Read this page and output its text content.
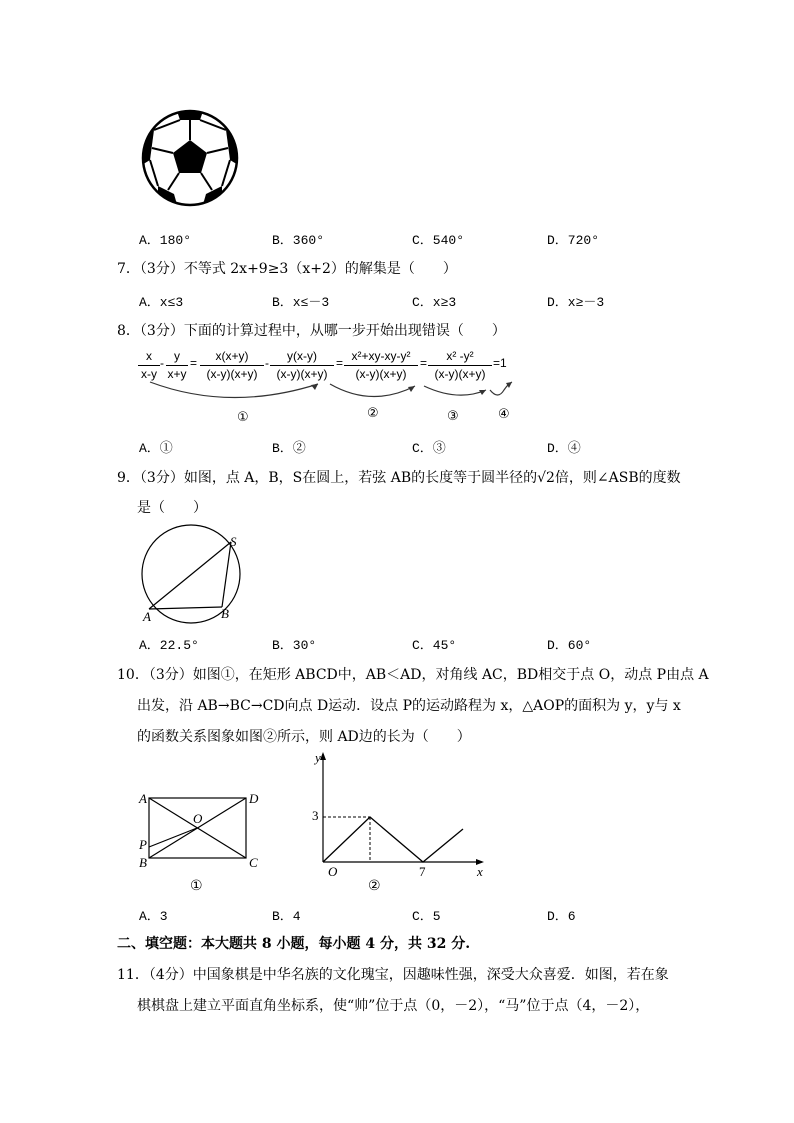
A．180°	B．360°	C．540°	D．720°
7．（3分）不等式 2x+9≥3（x+2）的解集是（　　）
A．x≤3	B．x≤－3	C．x≥3	D．x≥－3
8．（3分）下面的计算过程中，从哪一步开始出现错误（　　）
x
x-y
- y
x+y
=	x(x+y)
(x-y)(x+y)
-	y(x-y)
(x-y)(x+y)
= x²+xy-xy-y²
(x-y)(x+y)
=	x² -y²
(x-y)(x+y)
=1
①	②	③	④
A．①	B．②	C．③	D．④
9．（3分）如图，点 A，B，S在圆上，若弦 AB的长度等于圆半径的√2倍，则∠ASB的度数
是（　　）
S
A	B
A．22.5°	B．30°	C．45°	D．60°
10．（3分）如图①，在矩形 ABCD中，AB＜AD，对角线 AC，BD相交于点 O，动点 P由点 A
出发，沿 AB→BC→CD向点 D运动．设点 P的运动路程为 x，△AOP的面积为 y，y与 x
的函数关系图象如图②所示，则 AD边的长为（　　）
A	D
O
P
B	C
①
y
x
O
3
7
②
A．3	B．4	C．5	D．6
二、填空题：本大题共 8 小题，每小题 4 分，共 32 分.
11．（4分）中国象棋是中华名族的文化瑰宝，因趣味性强，深受大众喜爱．如图，若在象
棋棋盘上建立平面直角坐标系，使“帅”位于点（0，－2），“马”位于点（4，－2），
